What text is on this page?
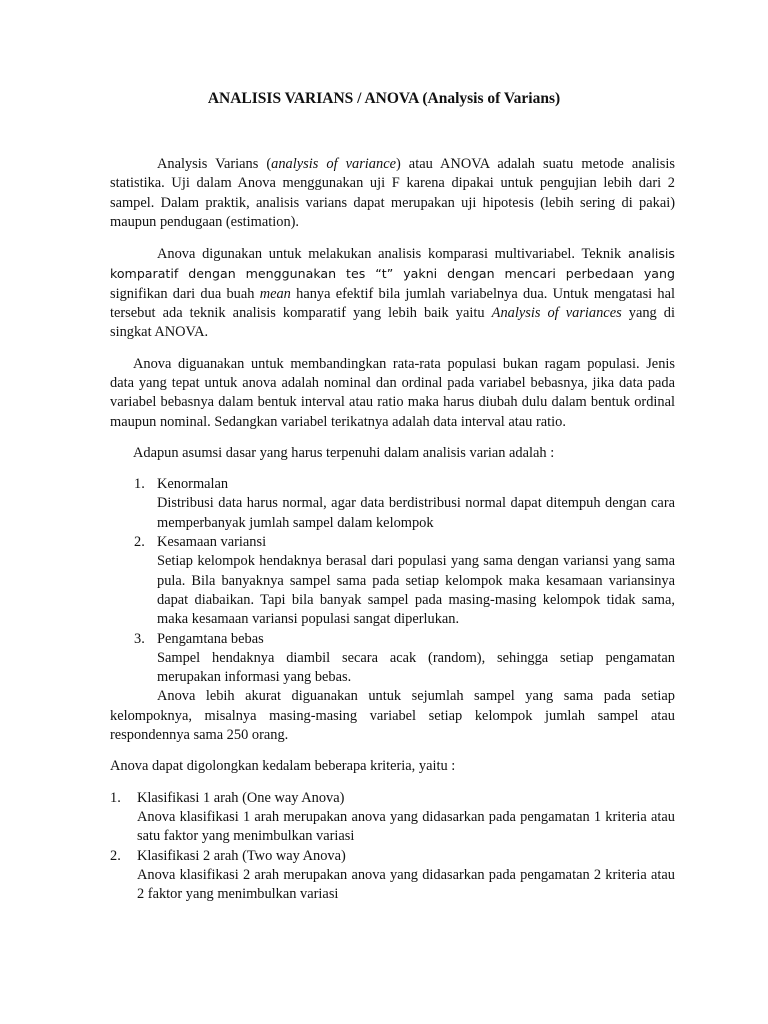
ANALISIS VARIANS / ANOVA (Analysis of Varians)

Analysis Varians (analysis of variance) atau ANOVA adalah suatu metode analisis statistika. Uji dalam Anova menggunakan uji F karena dipakai untuk pengujian lebih dari 2 sampel. Dalam praktik, analisis varians dapat merupakan uji hipotesis (lebih sering di pakai) maupun pendugaan (estimation).

Anova digunakan untuk melakukan analisis komparasi multivariabel. Teknik analisis komparatif dengan menggunakan tes “t” yakni dengan mencari perbedaan yang signifikan dari dua buah mean hanya efektif bila jumlah variabelnya dua. Untuk mengatasi hal tersebut ada teknik analisis komparatif yang lebih baik yaitu Analysis of variances yang di singkat ANOVA.

Anova diguanakan untuk membandingkan rata-rata populasi bukan ragam populasi. Jenis data yang tepat untuk anova adalah nominal dan ordinal pada variabel bebasnya, jika data pada variabel bebasnya dalam bentuk interval atau ratio maka harus diubah dulu dalam bentuk ordinal maupun nominal. Sedangkan variabel terikatnya adalah data interval atau ratio.

Adapun asumsi dasar yang harus terpenuhi dalam analisis varian adalah :

1. Kenormalan
Distribusi data harus normal, agar data berdistribusi normal dapat ditempuh dengan cara memperbanyak jumlah sampel dalam kelompok
2. Kesamaan variansi
Setiap kelompok hendaknya berasal dari populasi yang sama dengan variansi yang sama pula. Bila banyaknya sampel sama pada setiap kelompok maka kesamaan variansinya dapat diabaikan. Tapi bila banyak sampel pada masing-masing kelompok tidak sama, maka kesamaan variansi populasi sangat diperlukan.
3. Pengamtana bebas
Sampel hendaknya diambil secara acak (random), sehingga setiap pengamatan merupakan informasi yang bebas.

Anova lebih akurat diguanakan untuk sejumlah sampel yang sama pada setiap kelompoknya, misalnya masing-masing variabel setiap kelompok jumlah sampel atau respondennya sama 250 orang.

Anova dapat digolongkan kedalam beberapa kriteria, yaitu :

1. Klasifikasi 1 arah (One way Anova)
Anova klasifikasi 1 arah merupakan anova yang didasarkan pada pengamatan 1 kriteria atau satu faktor yang menimbulkan variasi
2. Klasifikasi 2 arah (Two way Anova)
Anova klasifikasi 2 arah merupakan anova yang didasarkan pada pengamatan 2 kriteria atau 2 faktor yang menimbulkan variasi
